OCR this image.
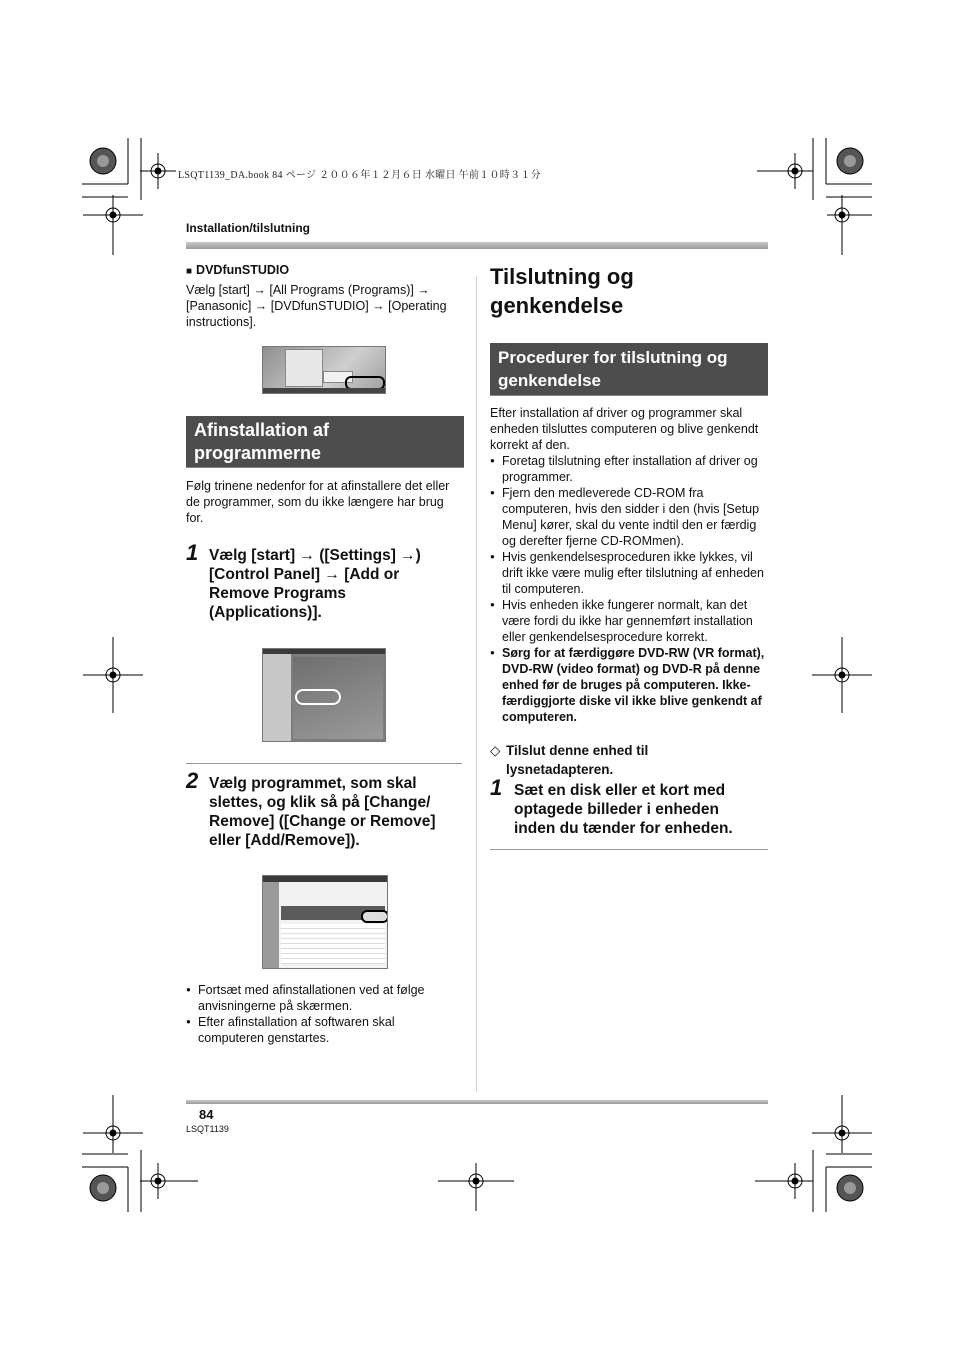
LSQT1139_DA.book 84 ページ ２００６年１２月６日 水曜日 午前１０時３１分
Installation/tilslutning
■ DVDfunSTUDIO
Vælg [start] → [All Programs (Programs)] → [Panasonic] → [DVDfunSTUDIO] → [Operating instructions].
Afinstallation af programmerne
Følg trinene nedenfor for at afinstallere det eller de programmer, som du ikke længere har brug for.
1 Vælg [start] → ([Settings] →) [Control Panel] → [Add or Remove Programs (Applications)].
2 Vælg programmet, som skal slettes, og klik så på [Change/ Remove] ([Change or Remove] eller [Add/Remove]).
● Fortsæt med afinstallationen ved at følge anvisningerne på skærmen.
● Efter afinstallation af softwaren skal computeren genstartes.
Tilslutning og genkendelse
Procedurer for tilslutning og genkendelse
Efter installation af driver og programmer skal enheden tilsluttes computeren og blive genkendt korrekt af den.
● Foretag tilslutning efter installation af driver og programmer.
● Fjern den medleverede CD-ROM fra computeren, hvis den sidder i den (hvis [Setup Menu] kører, skal du vente indtil den er færdig og derefter fjerne CD-ROMmen).
● Hvis genkendelsesproceduren ikke lykkes, vil drift ikke være mulig efter tilslutning af enheden til computeren.
● Hvis enheden ikke fungerer normalt, kan det være fordi du ikke har gennemført installation eller genkendelsesprocedure korrekt.
● Sørg for at færdiggøre DVD-RW (VR format), DVD-RW (video format) og DVD-R på denne enhed før de bruges på computeren. Ikke-færdiggjorte diske vil ikke blive genkendt af computeren.
◇ Tilslut denne enhed til lysnetadapteren.
1 Sæt en disk eller et kort med optagede billeder i enheden inden du tænder for enheden.
84
LSQT1139
